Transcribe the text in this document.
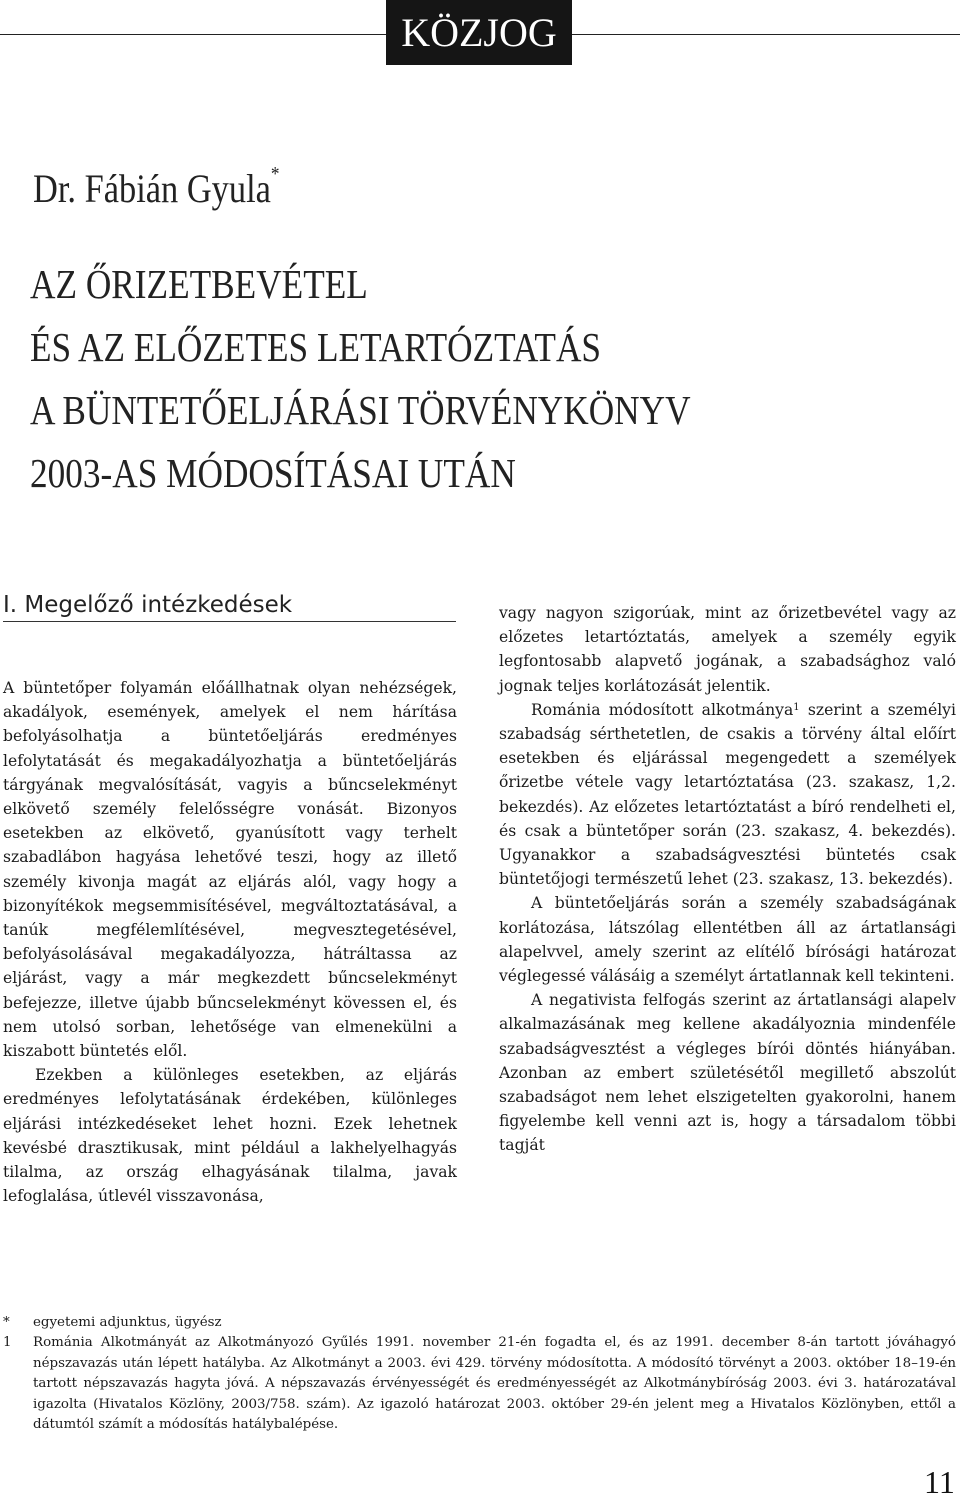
KÖZJOG
Dr. Fábián Gyula*
AZ ŐRIZETBEVÉTEL
ÉS AZ ELŐZETES LETARTÓZTATÁS
A BÜNTETŐELJÁRÁSI TÖRVÉNYKÖNYV
2003-AS MÓDOSÍTÁSAI UTÁN
I. Megelőző intézkedések

A büntetőper folyamán előállhatnak olyan nehézségek, akadályok, események, amelyek el nem hárítása befolyásolhatja a büntetőeljárás eredményes lefolytatását és megakadályozhatja a büntetőeljárás tárgyának megvalósítását, vagyis a bűncselekményt elkövető személy felelősségre vonását. Bizonyos esetekben az elkövető, gyanúsított vagy terhelt szabadlábon hagyása lehetővé teszi, hogy az illető személy kivonja magát az eljárás alól, vagy hogy a bizonyítékok megsemmisítésével, megváltoztatásával, a tanúk megfélemlítésével, megvesztegetésével, befolyásolásával megakadályozza, hátráltassa az eljárást, vagy a már megkezdett bűncselekményt befejezze, illetve újabb bűncselekményt kövessen el, és nem utolsó sorban, lehetősége van elmenekülni a kiszabott büntetés elől.

Ezekben a különleges esetekben, az eljárás eredményes lefolytatásának érdekében, különleges eljárási intézkedéseket lehet hozni. Ezek lehetnek kevésbé drasztikusak, mint például a lakhelyelhagyás tilalma, az ország elhagyásának tilalma, javak lefoglalása, útlevél visszavonása,

vagy nagyon szigorúak, mint az őrizetbevétel vagy az előzetes letartóztatás, amelyek a személy egyik legfontosabb alapvető jogának, a szabadsághoz való jognak teljes korlátozását jelentik.

Románia módosított alkotmánya$^1$ szerint a személyi szabadság sérthetetlen, de csakis a törvény által előírt esetekben és eljárással megengedett a személyek őrizetbe vétele vagy letartóztatása (23. szakasz, 1,2. bekezdés). Az előzetes letartóztatást a bíró rendelheti el, és csak a büntetőper során (23. szakasz, 4. bekezdés). Ugyanakkor a szabadságvesztési büntetés csak büntetőjogi természetű lehet (23. szakasz, 13. bekezdés).

A büntetőeljárás során a személy szabadságának korlátozása, látszólag ellentétben áll az ártatlansági alapelvvel, amely szerint az elítélő bírósági határozat véglegessé válásáig a személyt ártatlannak kell tekinteni.

A negativista felfogás szerint az ártatlansági alapelv alkalmazásának meg kellene akadályoznia mindenféle szabadságvesztést a végleges bírói döntés hiányában. Azonban az embert születésétől megillető abszolút szabadságot nem lehet elszigetelten gyakorolni, hanem figyelembe kell venni azt is, hogy a társadalom többi tagját

* egyetemi adjunktus, ügyész
1 Románia Alkotmányát az Alkotmányozó Gyűlés 1991. november 21-én fogadta el, és az 1991. december 8-án tartott jóváhagyó népszavazás után lépett hatályba. Az Alkotmányt a 2003. évi 429. törvény módosította. A módosító törvényt a 2003. október 18–19-én tartott népszavazás hagyta jóvá. A népszavazás érvényességét és eredményességét az Alkotmánybíróság 2003. évi 3. határozatával igazolta (Hivatalos Közlöny, 2003/758. szám). Az igazoló határozat 2003. október 29-én jelent meg a Hivatalos Közlönyben, ettől a dátumtól számít a módosítás hatálybalépése.
11
